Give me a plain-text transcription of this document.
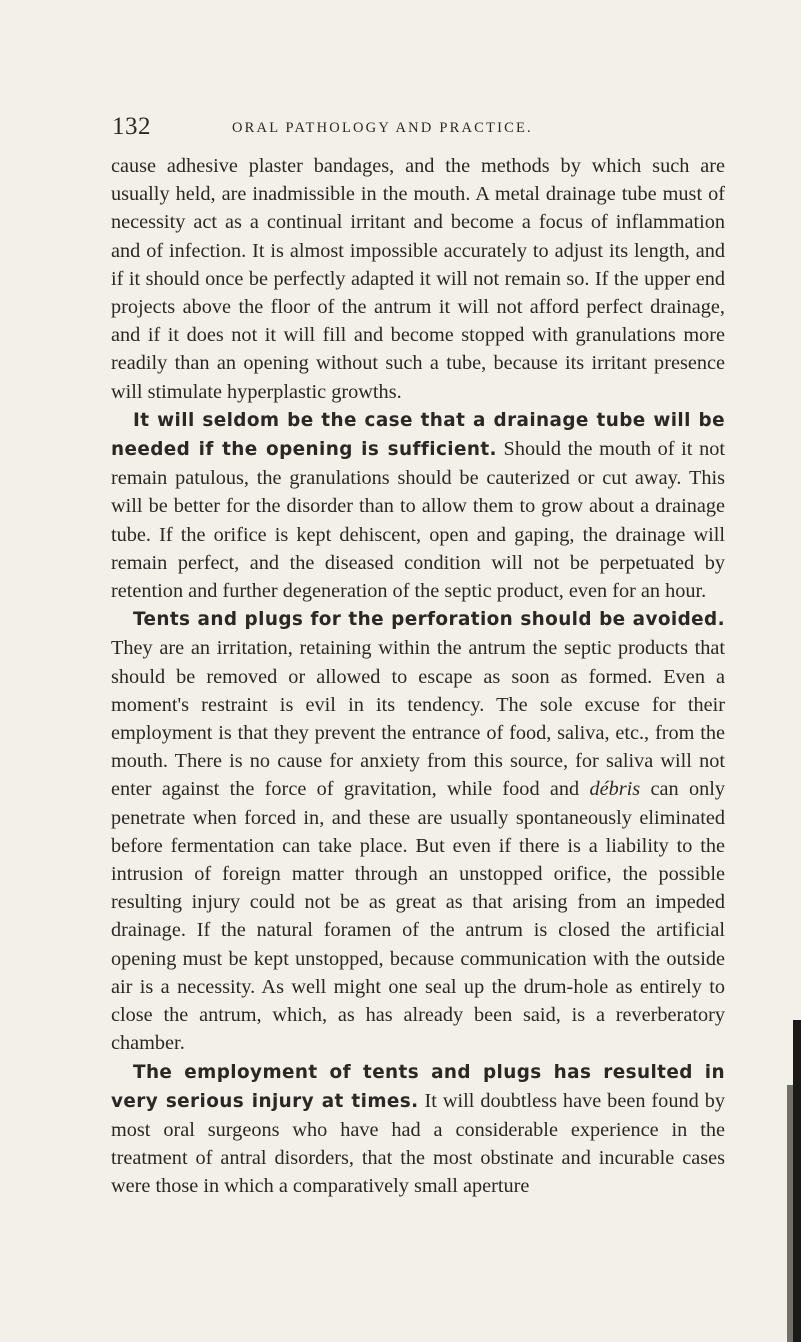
132	ORAL PATHOLOGY AND PRACTICE.

cause adhesive plaster bandages, and the methods by which such are usually held, are inadmissible in the mouth. A metal drainage tube must of necessity act as a continual irritant and become a focus of inflammation and of infection. It is almost impossible accurately to adjust its length, and if it should once be perfectly adapted it will not remain so. If the upper end projects above the floor of the antrum it will not afford perfect drainage, and if it does not it will fill and become stopped with granulations more readily than an opening without such a tube, because its irritant presence will stimulate hyperplastic growths.

It will seldom be the case that a drainage tube will be needed if the opening is sufficient. Should the mouth of it not remain patulous, the granulations should be cauterized or cut away. This will be better for the disorder than to allow them to grow about a drainage tube. If the orifice is kept dehiscent, open and gaping, the drainage will remain perfect, and the diseased condition will not be perpetuated by retention and further degeneration of the septic product, even for an hour.

Tents and plugs for the perforation should be avoided. They are an irritation, retaining within the antrum the septic products that should be removed or allowed to escape as soon as formed. Even a moment's restraint is evil in its tendency. The sole excuse for their employment is that they prevent the entrance of food, saliva, etc., from the mouth. There is no cause for anxiety from this source, for saliva will not enter against the force of gravitation, while food and débris can only penetrate when forced in, and these are usually spontaneously eliminated before fermentation can take place. But even if there is a liability to the intrusion of foreign matter through an unstopped orifice, the possible resulting injury could not be as great as that arising from an impeded drainage. If the natural foramen of the antrum is closed the artificial opening must be kept unstopped, because communication with the outside air is a necessity. As well might one seal up the drum-hole as entirely to close the antrum, which, as has already been said, is a reverberatory chamber.

The employment of tents and plugs has resulted in very serious injury at times. It will doubtless have been found by most oral surgeons who have had a considerable experience in the treatment of antral disorders, that the most obstinate and incurable cases were those in which a comparatively small aperture
